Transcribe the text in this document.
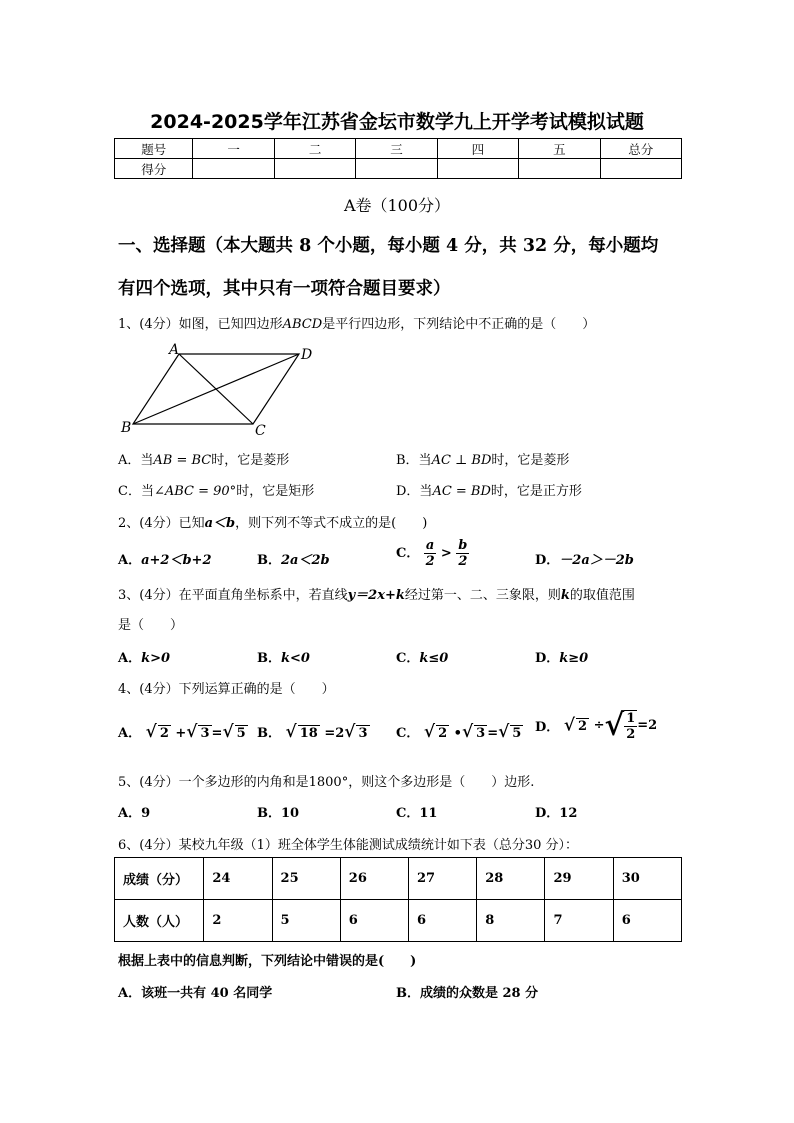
2024-2025学年江苏省金坛市数学九上开学考试模拟试题
题号	一	二	三	四	五	总分
得分						
A卷（100分）
一、选择题（本大题共 8 个小题，每小题 4 分，共 32 分，每小题均
有四个选项，其中只有一项符合题目要求）
1、(4分）如图，已知四边形ABCD是平行四边形，下列结论中不正确的是（　　）
A	D
B	C
A．当AB = BC时，它是菱形	B．当AC ⊥ BD时，它是菱形
C．当∠ABC = 90°时，它是矩形	D．当AC = BD时，它是正方形
2、(4分）已知a＜b，则下列不等式不成立的是(　　)
A．a+2＜b+2	B．2a＜2b	C． $\frac{a}{2} > \frac{b}{2}$	D．－2a＞－2b
3、(4分）在平面直角坐标系中，若直线y＝2x+k经过第一、二、三象限，则k的取值范围
是（　　）
A．k>0	B．k<0	C．k≤0	D．k≥0
4、(4分）下列运算正确的是（　　）
A． √ 2 +√ 3 =√ 5 B． √ 18 =2√ 3 C． √ 2 •√ 3 =√ 5 D． √ 2 ÷√ $\frac{1}{2} =2$
5、(4分）一个多边形的内角和是1800°，则这个多边形是（　　）边形.
A．9	B．10	C．11	D．12
6、(4分）某校九年级（1）班全体学生体能测试成绩统计如下表（总分30 分）：
成绩（分）	24	25	26	27	28	29	30
人数（人）	2	5	6	6	8	7	6
根据上表中的信息判断，下列结论中错误的是(　　)
A．该班一共有 40 名同学	B．成绩的众数是 28 分
